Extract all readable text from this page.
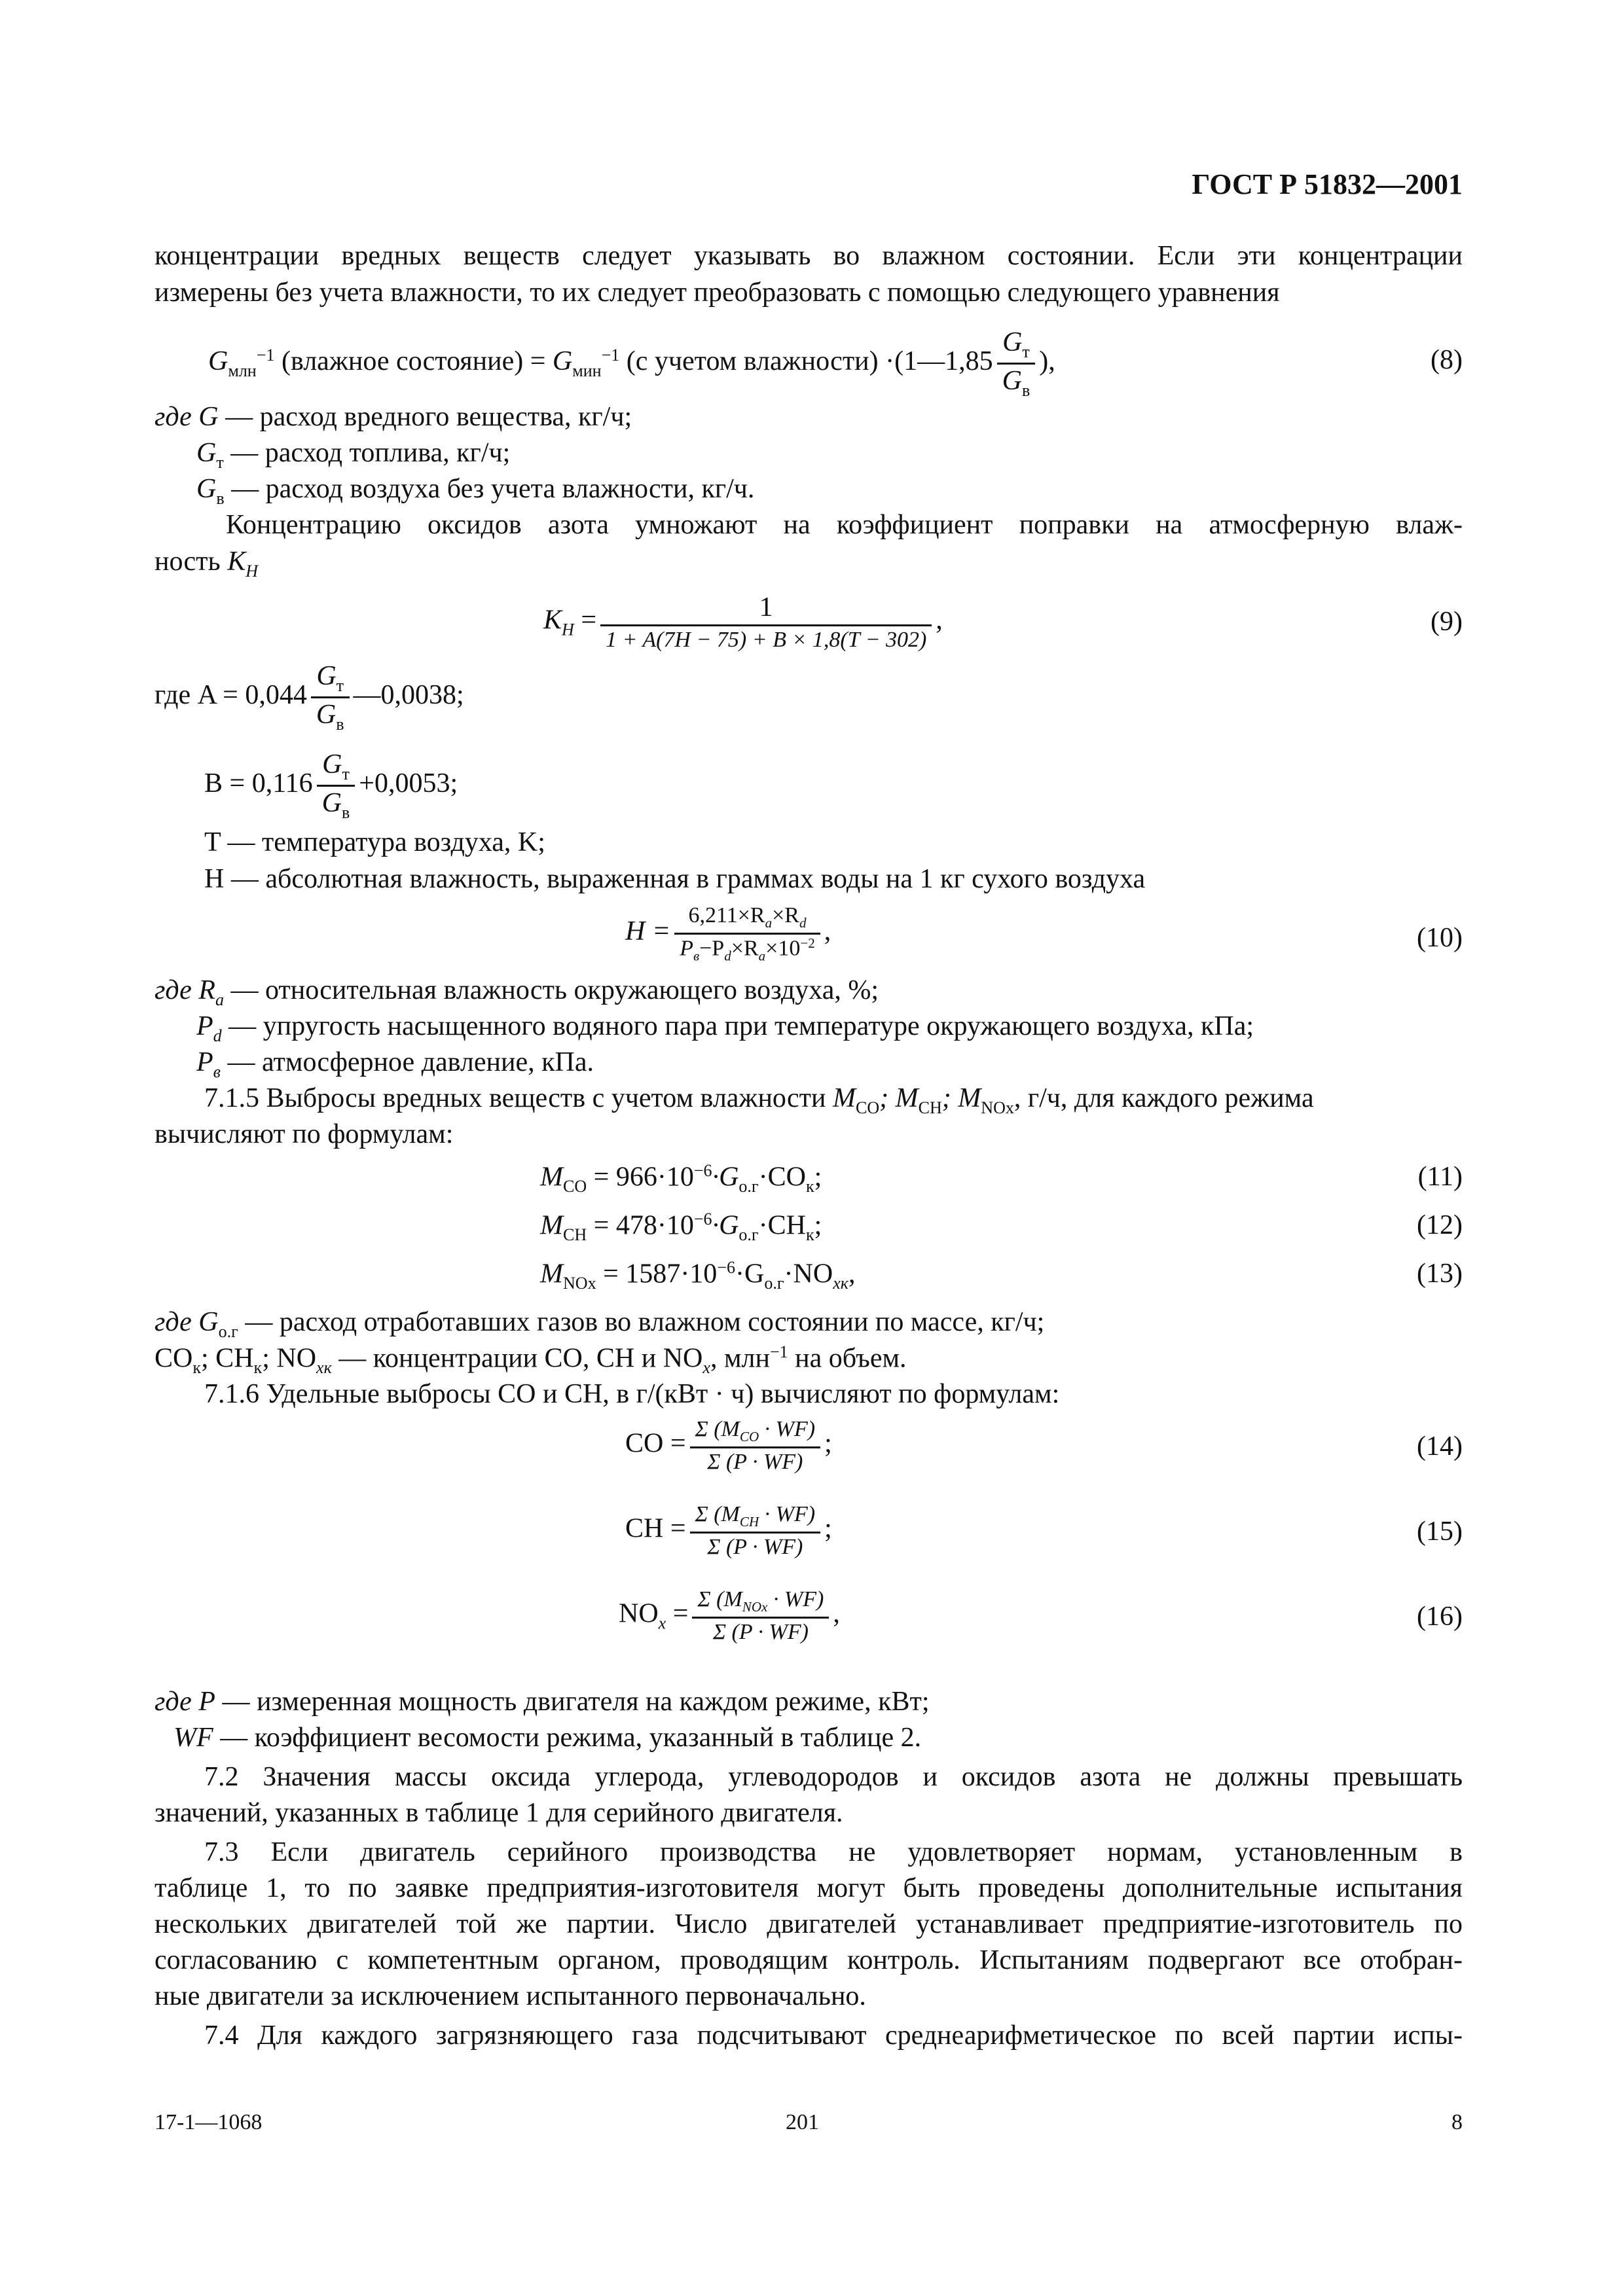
ГОСТ Р 51832—2001
концентрации вредных веществ следует указывать во влажном состоянии. Если эти концентрации
измерены без учета влажности, то их следует преобразовать с помощью следующего уравнения
$G_{млн}^{-1}$ (влажное состояние) = $G_{мин}^{-1}$ (с учетом влажности) ·(1—1,85 $\frac{G_т}{G_в}$ ),	(8)
где G — расход вредного вещества, кг/ч;
$G_т$ — расход топлива, кг/ч;
$G_в$ — расход воздуха без учета влажности, кг/ч.
Концентрацию оксидов азота умножают на коэффициент поправки на атмосферную влаж-
ность $K_H$
$K_H = \frac{1}{1 + A(7H - 75) + B \times 1,8(T - 302)}$ ,	(9)
где $A = 0,044 \frac{G_т}{G_в}$ —0,0038;
$B = 0,116 \frac{G_т}{G_в} +0,0053$;
T — температура воздуха, K;
H — абсолютная влажность, выраженная в граммах воды на 1 кг сухого воздуха
$H = \frac{6,211\times R_a\times R_d}{P_в-P_d\times R_a\times 10^{-2}}$ ,	(10)
где $R_a$ — относительная влажность окружающего воздуха, %;
$P_d$ — упругость насыщенного водяного пара при температуре окружающего воздуха, кПа;
$P_в$ — атмосферное давление, кПа.
7.1.5 Выбросы вредных веществ с учетом влажности $M_{CO}$; $M_{CH}$; $M_{NOx}$, г/ч, для каждого режима
вычисляют по формулам:
$M_{CO} = 966\cdot 10^{-6}\cdot G_{о.г}\cdot CO_к$;	(11)
$M_{CH} = 478\cdot 10^{-6}\cdot G_{о.г}\cdot CH_к$;	(12)
$M_{NOx} = 1587\cdot 10^{-6}\cdot G_{о.г}\cdot NO_{xк}$,	(13)
где $G_{о.г}$ — расход отработавших газов во влажном состоянии по массе, кг/ч;
$CO_к$; $CH_к$; $NO_{xк}$ — концентрации CO, CH и $NO_x$, млн$^{-1}$ на объем.
7.1.6 Удельные выбросы CO и CH, в г/(кВт · ч) вычисляют по формулам:
CO = $\frac{\Sigma (M_{CO} \cdot WF)}{\Sigma (P \cdot WF)}$ ;	(14)
CH = $\frac{\Sigma (M_{CH} \cdot WF)}{\Sigma (P \cdot WF)}$ ;	(15)
$NO_x = \frac{\Sigma (M_{NOx} \cdot WF)}{\Sigma (P \cdot WF)}$ ,	(16)
где P — измеренная мощность двигателя на каждом режиме, кВт;
WF — коэффициент весомости режима, указанный в таблице 2.
7.2 Значения массы оксида углерода, углеводородов и оксидов азота не должны превышать
значений, указанных в таблице 1 для серийного двигателя.
7.3 Если двигатель серийного производства не удовлетворяет нормам, установленным в
таблице 1, то по заявке предприятия-изготовителя могут быть проведены дополнительные испытания
нескольких двигателей той же партии. Число двигателей устанавливает предприятие-изготовитель по
согласованию с компетентным органом, проводящим контроль. Испытаниям подвергают все отобран-
ные двигатели за исключением испытанного первоначально.
7.4 Для каждого загрязняющего газа подсчитывают среднеарифметическое по всей партии испы-
17-1—1068	201	8
